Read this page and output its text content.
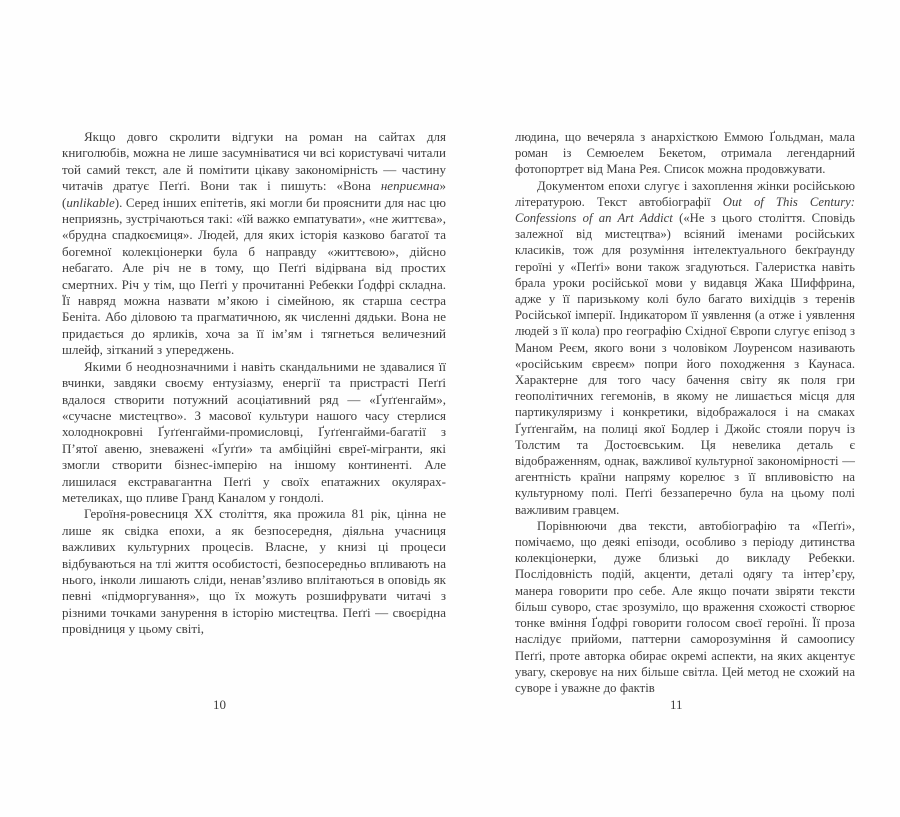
Якщо довго скролити відгуки на роман на сайтах для книголюбів, можна не лише засумніватися чи всі користувачі читали той самий текст, але й помітити цікаву закономірність — частину читачів дратує Пеґґі. Вони так і пишуть: «Вона неприємна» (unlikable). Серед інших епітетів, які могли би прояснити для нас цю неприязнь, зустрічаються такі: «їй важко емпатувати», «не життєва», «брудна спадкоємиця». Людей, для яких історія казково багатої та богемної колекціонерки була б направду «життєвою», дійсно небагато. Але річ не в тому, що Пеґґі відірвана від простих смертних. Річ у тім, що Пеґґі у прочитанні Ребекки Ґодфрі складна. Її навряд можна назвати м’якою і сімейною, як старша сестра Беніта. Або діловою та прагматичною, як численні дядьки. Вона не придається до ярликів, хоча за її ім’ям і тягнеться величезний шлейф, зітканий з упереджень.

Якими б неоднозначними і навіть скандальними не здавалися її вчинки, завдяки своєму ентузіазму, енергії та пристрасті Пеґґі вдалося створити потужний асоціативний ряд — «Ґуґґенгайм», «сучасне мистецтво». З масової культури нашого часу стерлися холоднокровні Ґуґґенгайми-промисловці, Ґуґґенгайми-багатії з П’ятої авеню, зневажені «Ґуґґи» та амбіційні євреї-мігранти, які змогли створити бізнес-імперію на іншому континенті. Але лишилася екстравагантна Пеґґі у своїх епатажних окулярах-метеликах, що пливе Гранд Каналом у гондолі.

Героїня-ровесниця XX століття, яка прожила 81 рік, цінна не лише як свідка епохи, а як безпосередня, діяльна учасниця важливих культурних процесів. Власне, у книзі ці процеси відбуваються на тлі життя особистості, безпосередньо впливають на нього, інколи лишають сліди, ненав’язливо вплітаються в оповідь як певні «підморгування», що їх можуть розшифрувати читачі з різними точками занурення в історію мистецтва. Пеґґі — своєрідна провідниця у цьому світі,

10

людина, що вечеряла з анархісткою Еммою Ґольдман, мала роман із Семюелем Бекетом, отримала легендарний фотопортрет від Мана Рея. Список можна продовжувати.

Документом епохи слугує і захоплення жінки російською літературою. Текст автобіографії Out of This Century: Confessions of an Art Addict («Не з цього століття. Сповідь залежної від мистецтва») всіяний іменами російських класиків, тож для розуміння інтелектуального бекґраунду героїні у «Пеґґі» вони також згадуються. Галеристка навіть брала уроки російської мови у видавця Жака Шиффрина, адже у її паризькому колі було багато вихідців з теренів Російської імперії. Індикатором її уявлення (а отже і уявлення людей з її кола) про географію Східної Європи слугує епізод з Маном Реєм, якого вони з чоловіком Лоуренсом називають «російським євреєм» попри його походження з Каунаса. Характерне для того часу бачення світу як поля гри геополітичних гегемонів, в якому не лишається місця для партикуляризму і конкретики, відображалося і на смаках Ґуґґенгайм, на полиці якої Бодлер і Джойс стояли поруч із Толстим та Достоєвським. Ця невелика деталь є відображенням, однак, важливої культурної закономірності — агентність країни напряму корелює з її впливовістю на культурному полі. Пеґґі беззаперечно була на цьому полі важливим гравцем.

Порівнюючи два тексти, автобіографію та «Пеґґі», помічаємо, що деякі епізоди, особливо з періоду дитинства колекціонерки, дуже близькі до викладу Ребекки. Послідовність подій, акценти, деталі одягу та інтер’єру, манера говорити про себе. Але якщо почати звіряти тексти більш суворо, стає зрозуміло, що враження схожості створює тонке вміння Ґодфрі говорити голосом своєї героїні. Її проза наслідує прийоми, паттерни саморозуміння й самоопису Пеґґі, проте авторка обирає окремі аспекти, на яких акцентує увагу, скеровує на них більше світла. Цей метод не схожий на суворе і уважне до фактів

11
